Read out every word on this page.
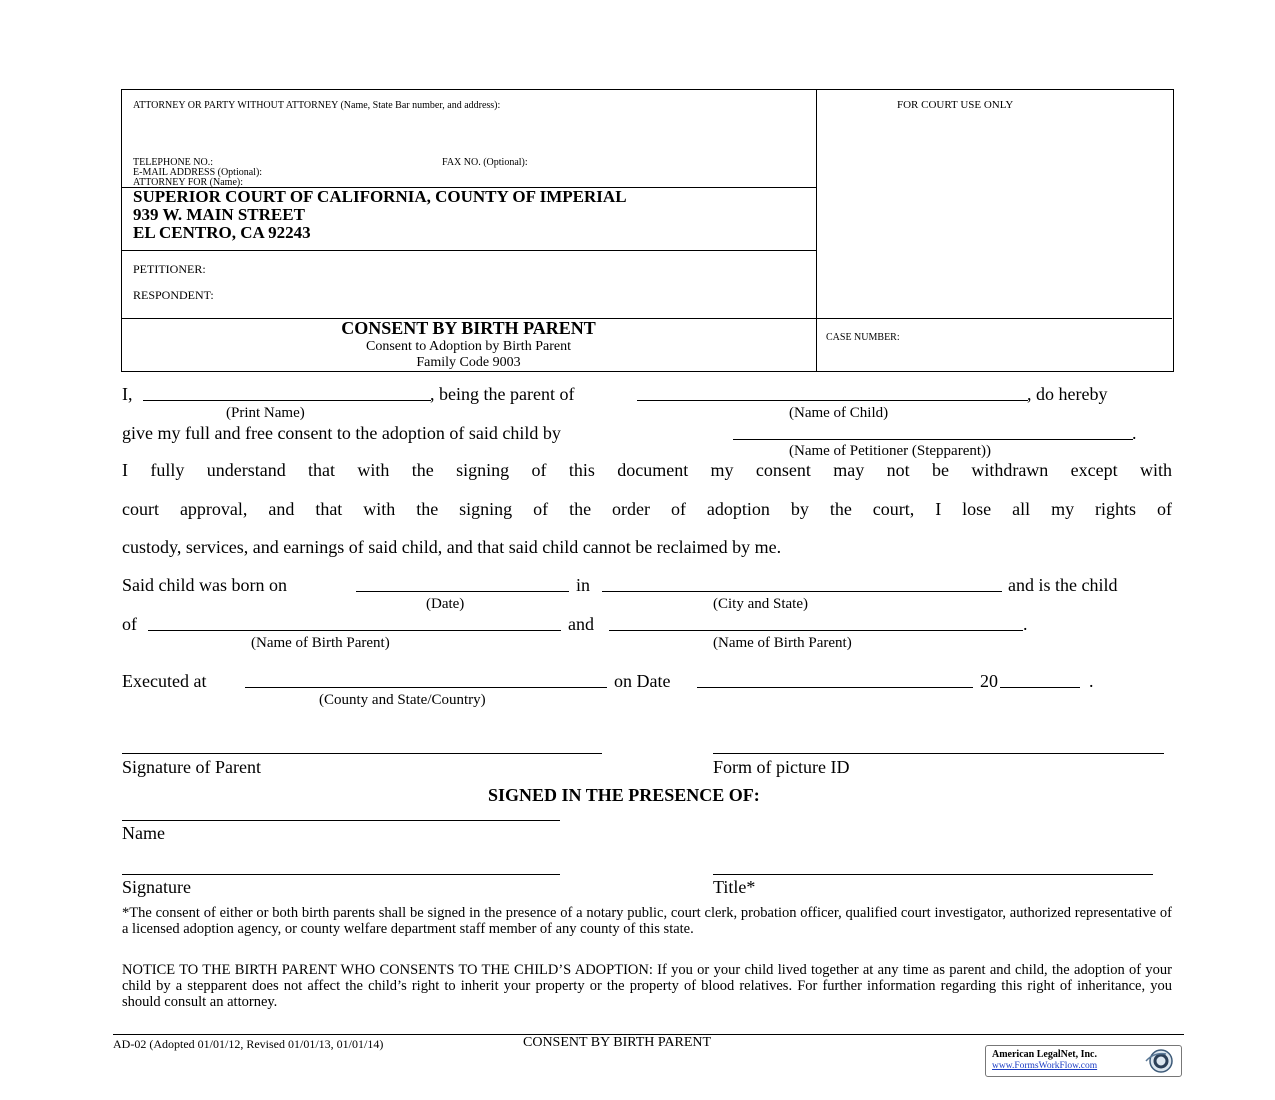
ATTORNEY OR PARTY WITHOUT ATTORNEY (Name, State Bar number, and address):	FOR COURT USE ONLY
TELEPHONE NO.:	FAX NO. (Optional):
E-MAIL ADDRESS (Optional):
ATTORNEY FOR (Name):
SUPERIOR COURT OF CALIFORNIA, COUNTY OF IMPERIAL
939 W. MAIN STREET
EL CENTRO, CA 92243
PETITIONER:
RESPONDENT:
CONSENT BY BIRTH PARENT
Consent to Adoption by Birth Parent
Family Code 9003
CASE NUMBER:
I,	, being the parent of	, do hereby
(Print Name)	(Name of Child)
give my full and free consent to the adoption of said child by	.
(Name of Petitioner (Stepparent))
I fully understand that with the signing of this document my consent may not be withdrawn except with
court approval, and that with the signing of the order of adoption by the court, I lose all my rights of
custody, services, and earnings of said child, and that said child cannot be reclaimed by me.
Said child was born on	in	and is the child
(Date)	(City and State)
of	and	.
(Name of Birth Parent)	(Name of Birth Parent)
Executed at	on Date	20	.
(County and State/Country)
Signature of Parent	Form of picture ID
SIGNED IN THE PRESENCE OF:
Name
Signature	Title*
*The consent of either or both birth parents shall be signed in the presence of a notary public, court clerk, probation officer, qualified court investigator, authorized representative of a licensed adoption agency, or county welfare department staff member of any county of this state.
NOTICE TO THE BIRTH PARENT WHO CONSENTS TO THE CHILD’S ADOPTION: If you or your child lived together at any time as parent and child, the adoption of your child by a stepparent does not affect the child’s right to inherit your property or the property of blood relatives. For further information regarding this right of inheritance, you should consult an attorney.
AD-02 (Adopted 01/01/12, Revised 01/01/13, 01/01/14)	CONSENT BY BIRTH PARENT
American LegalNet, Inc.
www.FormsWorkFlow.com
